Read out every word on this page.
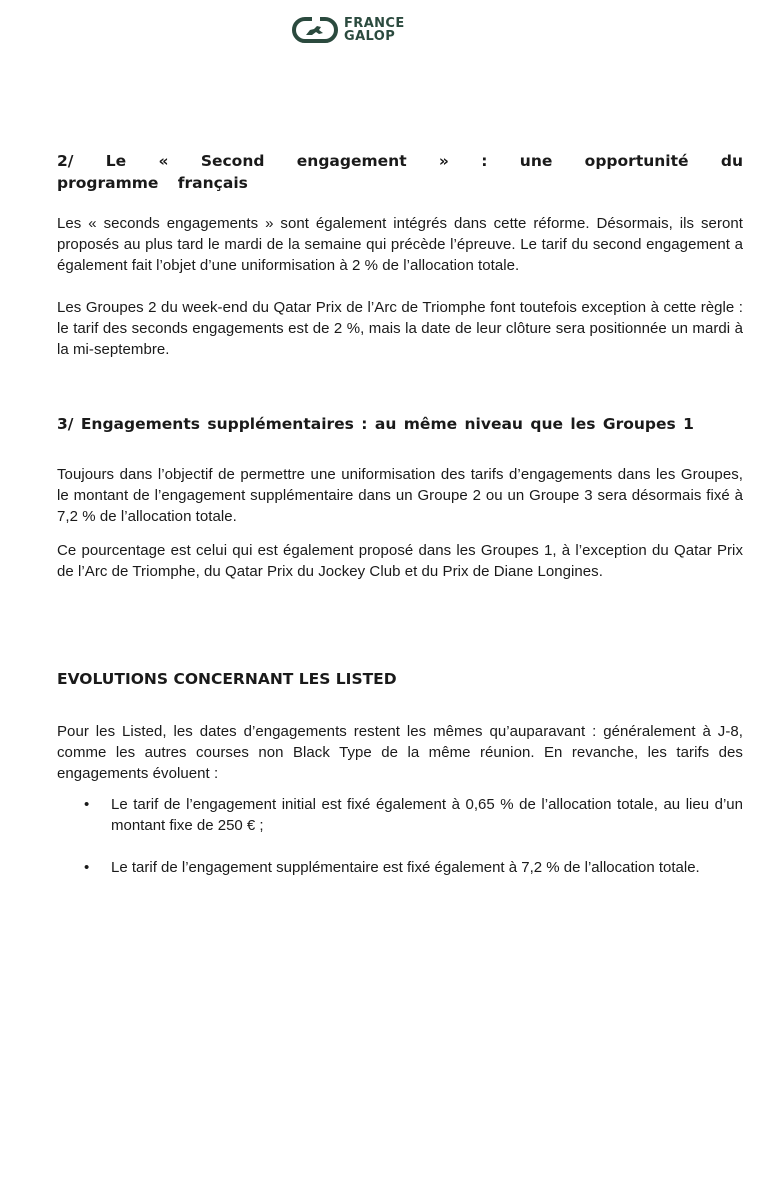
FRANCE
GALOP
2/ Le « Second engagement » : une opportunité du programme français

Les « seconds engagements » sont également intégrés dans cette réforme. Désormais, ils seront proposés au plus tard le mardi de la semaine qui précède l’épreuve. Le tarif du second engagement a également fait l’objet d’une uniformisation à 2 % de l’allocation totale.

Les Groupes 2 du week-end du Qatar Prix de l’Arc de Triomphe font toutefois exception à cette règle : le tarif des seconds engagements est de 2 %, mais la date de leur clôture sera positionnée un mardi à la mi-septembre.

3/ Engagements supplémentaires : au même niveau que les Groupes 1

Toujours dans l’objectif de permettre une uniformisation des tarifs d’engagements dans les Groupes, le montant de l’engagement supplémentaire dans un Groupe 2 ou un Groupe 3 sera désormais fixé à 7,2 % de l’allocation totale.

Ce pourcentage est celui qui est également proposé dans les Groupes 1, à l’exception du Qatar Prix de l’Arc de Triomphe, du Qatar Prix du Jockey Club et du Prix de Diane Longines.

EVOLUTIONS CONCERNANT LES LISTED

Pour les Listed, les dates d’engagements restent les mêmes qu’auparavant : généralement à J-8, comme les autres courses non Black Type de la même réunion. En revanche, les tarifs des engagements évoluent :

• Le tarif de l’engagement initial est fixé également à 0,65 % de l’allocation totale, au lieu d’un montant fixe de 250 € ;
• Le tarif de l’engagement supplémentaire est fixé également à 7,2 % de l’allocation totale.
